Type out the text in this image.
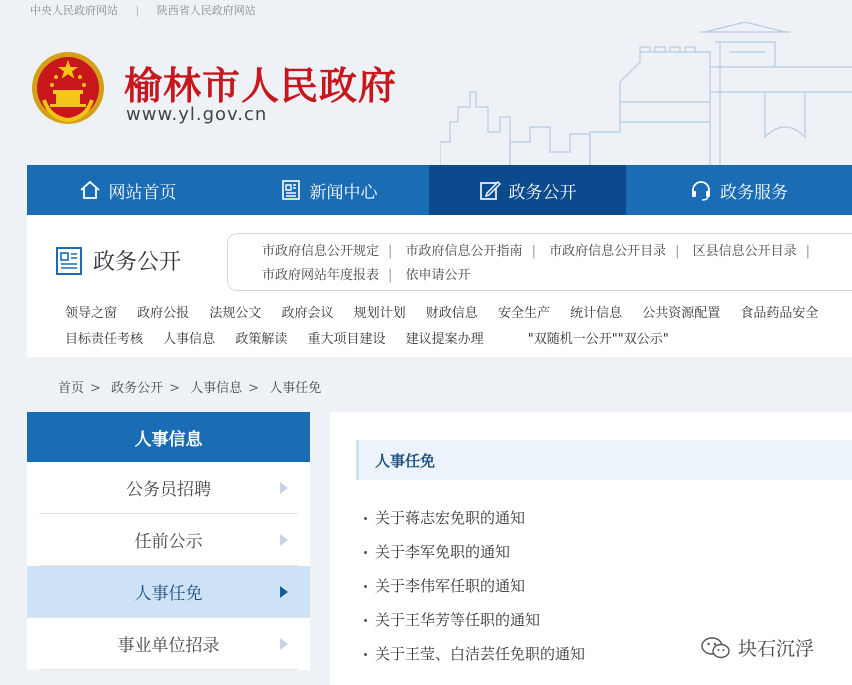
中央人民政府网站 | 陕西省人民政府网站
榆林市人民政府
www.yl.gov.cn
网站首页	新闻中心	政务公开	政务服务
政务公开	市政府信息公开规定 | 市政府信息公开指南 | 市政府信息公开目录 | 区县信息公开目录 |
市政府网站年度报表 | 依申请公开
领导之窗 政府公报 法规公文 政府会议 规划计划 财政信息 安全生产 统计信息 公共资源配置 食品药品安全
目标责任考核 人事信息 政策解读 重大项目建设 建议提案办理	"双随机一公开""双公示"
首页 > 政务公开 > 人事信息 > 人事任免
人事信息
公务员招聘
任前公示
人事任免
事业单位招录
人事任免
关于蒋志宏免职的通知
关于李军免职的通知
关于李伟军任职的通知
关于王华芳等任职的通知
关于王莹、白洁芸任免职的通知	块石沉浮
